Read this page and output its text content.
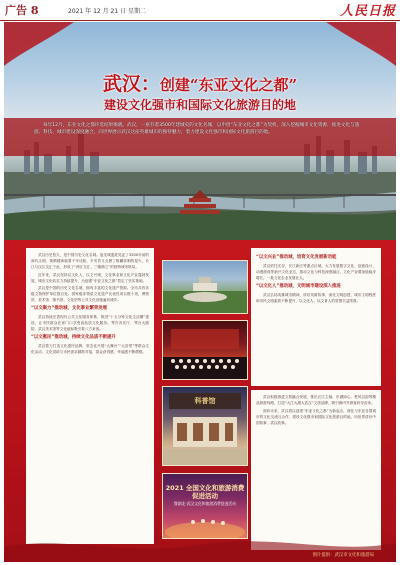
广告 8	2021 年 12 月 21 日 星期二	人民日报
武汉：创建“东亚文化之都”
建设文化强市和国际文化旅游目的地

每年12月，东亚文化之都评选结果揭晓。武汉，一座有着3500年建城史的文化名城，以申创“东亚文化之都”为契机，深入挖掘城市文化资源，推进文化与旅游、科技、城市建设深度融合，向世界展示武汉这座英雄城市的独特魅力，着力建设文化强市和国际文化旅游目的地。

武汉历史悠久，是中国历史文化名城。盘龙城遗址见证了3500年前的商代文明，黄鹤楼承载着千年诗韵，辛亥首义点燃了推翻帝制的星火。长江与汉江交汇于此，形成了“两江交汇、三镇鼎立”的独特城市格局。

近年来，武汉坚持以文化人、以文兴城，文化事业和文化产业蓬勃发展，城市文化软实力持续提升，为创建“东亚文化之都”奠定了坚实基础。

武汉是中国的历史文化名城，拥有丰富的文化遗产资源。全市共有各级文物保护单位数百处，国家级非物质文化遗产代表性项目数十项，博物馆、美术馆、图书馆、文化馆等公共文化设施遍布城乡。

“以文聚力”推动城，文化事业繁荣发展

武汉持续完善现代公共文化服务体系，推进“十五分钟文化生活圈”建设，让市民群众在家门口享受高品质文化服务。琴台音乐厅、琴台大剧院、武汉美术馆等文化地标吸引着八方来客。

“以文惠民”推动城，持续文化品质不断提升

武汉着力打造文化惠民品牌，常态化开展“大舞台”“大讲堂”等群众文化活动，文化供给与市民需求精准对接，群众获得感、幸福感不断增强。

科普馆
2021 全国文化和旅游消费促进活动
暨湖北·武汉文化和旅游消费促进活动
“以文兴业”推动城，培育文化发展新动能

武汉依托光谷、长江新区等重点区域，大力发展数字文化、创意设计、动漫游戏等新兴文化业态，推动文化与科技深度融合，文化产业增加值稳步增长，一批文化企业发展壮大。

“以文化人”推动城，文明城市建设深入推进

武汉弘扬英雄城市精神，讲好英雄故事，深化文明创建，城市文明程度和市民文明素质不断提升，以文化人、以文育人的氛围日益浓厚。

武汉积极推进文旅融合发展，推出长江主轴、东湖绿心、楚风汉韵等精品旅游线路，打造“大江大湖大武汉”文旅品牌，吸引海内外游客纷至沓来。

面向未来，武汉将以创建“东亚文化之都”为新起点，深化与东亚各国城市的文化交流与合作，建设文化强市和国际文化旅游目的地，向世界讲好中国故事、武汉故事。

图片提供：武汉市文化和旅游局
